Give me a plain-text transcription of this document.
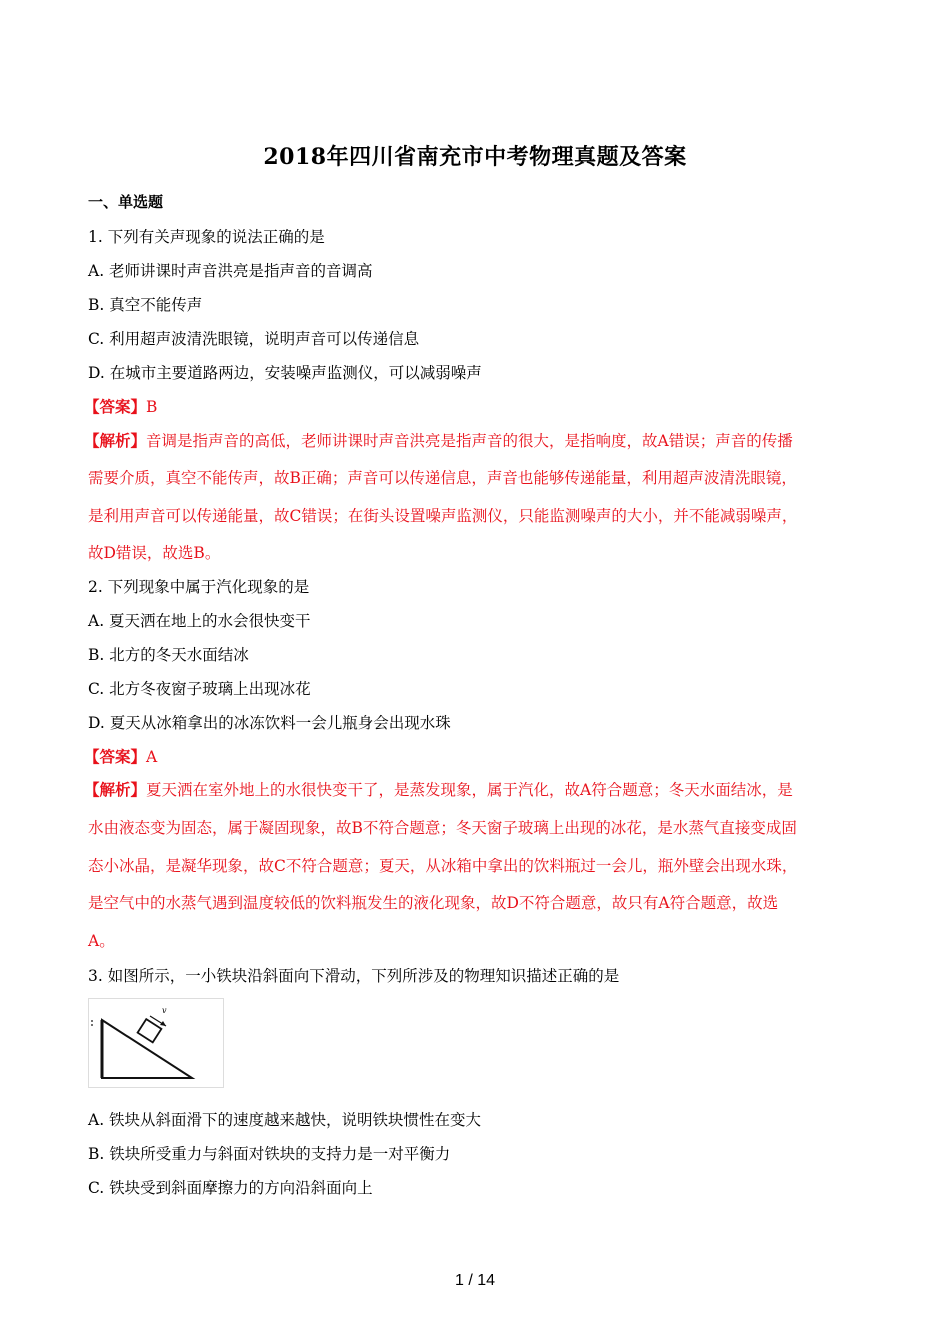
2018年四川省南充市中考物理真题及答案
一、单选题
1. 下列有关声现象的说法正确的是
A. 老师讲课时声音洪亮是指声音的音调高
B. 真空不能传声
C. 利用超声波清洗眼镜，说明声音可以传递信息
D. 在城市主要道路两边，安装噪声监测仪，可以减弱噪声
【答案】B
【解析】音调是指声音的高低，老师讲课时声音洪亮是指声音的很大，是指响度，故A错误；声音的传播
需要介质，真空不能传声，故B正确；声音可以传递信息，声音也能够传递能量，利用超声波清洗眼镜，
是利用声音可以传递能量，故C错误；在街头设置噪声监测仪，只能监测噪声的大小，并不能减弱噪声，
故D错误，故选B。
2. 下列现象中属于汽化现象的是
A. 夏天洒在地上的水会很快变干
B. 北方的冬天水面结冰
C. 北方冬夜窗子玻璃上出现冰花
D. 夏天从冰箱拿出的冰冻饮料一会儿瓶身会出现水珠
【答案】A
【解析】夏天洒在室外地上的水很快变干了，是蒸发现象，属于汽化，故A符合题意；冬天水面结冰，是
水由液态变为固态，属于凝固现象，故B不符合题意；冬天窗子玻璃上出现的冰花，是水蒸气直接变成固
态小冰晶，是凝华现象，故C不符合题意；夏天，从冰箱中拿出的饮料瓶过一会儿，瓶外壁会出现水珠，
是空气中的水蒸气遇到温度较低的饮料瓶发生的液化现象，故D不符合题意，故只有A符合题意，故选
A。
3. 如图所示，一小铁块沿斜面向下滑动，下列所涉及的物理知识描述正确的是
v
A. 铁块从斜面滑下的速度越来越快，说明铁块惯性在变大
B. 铁块所受重力与斜面对铁块的支持力是一对平衡力
C. 铁块受到斜面摩擦力的方向沿斜面向上
1 / 14
